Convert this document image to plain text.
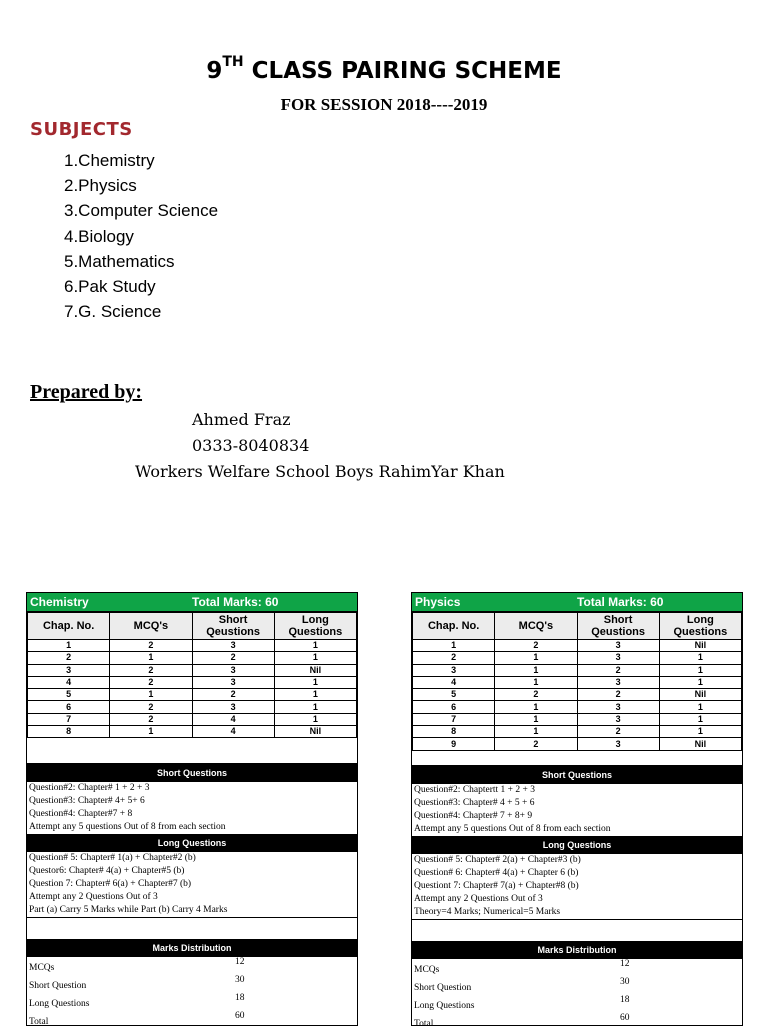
9TH CLASS PAIRING SCHEME
FOR SESSION 2018----2019
SUBJECTS
1.Chemistry
2.Physics
3.Computer Science
4.Biology
5.Mathematics
6.Pak Study
7.G. Science
Prepared by:
Ahmed Fraz
0333-8040834
Workers Welfare School Boys RahimYar Khan
Chemistry	Total Marks: 60
Chap. No.	MCQ's	Short Qeustions	Long Questions
1	2	3	1
2	1	2	1
3	2	3	Nil
4	2	3	1
5	1	2	1
6	2	3	1
7	2	4	1
8	1	4	Nil
Short Questions
Question#2: Chapter# 1 + 2 + 3
Question#3: Chapter# 4+ 5+ 6
Question#4: Chapter#7 + 8
Attempt any 5 questions Out of 8 from each section
Long Questions
Question# 5: Chapter# 1(a) + Chapter#2 (b)
Questor6: Chapter# 4(a) + Chapter#5 (b)
Question 7: Chapter# 6(a) + Chapter#7 (b)
Attempt any 2 Questions Out of 3
Part (a) Carry 5 Marks while Part (b) Carry 4 Marks
Marks Distribution
MCQs
12
Short Question
30
Long Questions
18
Total
60
Physics	Total Marks: 60
Chap. No.	MCQ's	Short Qeustions	Long Questions
1	2	3	Nil
2	1	3	1
3	1	2	1
4	1	3	1
5	2	2	Nil
6	1	3	1
7	1	3	1
8	1	2	1
9	2	3	Nil
Short Questions
Question#2: Chaptertt 1 + 2 + 3
Question#3: Chapter# 4 + 5 + 6
Question#4: Chapter# 7 + 8+ 9
Attempt any 5 questions Out of 8 from each section
Long Questions
Question# 5: Chapter# 2(a) + Chapter#3 (b)
Question# 6: Chapter# 4(a) + Chapter 6 (b)
Questiont 7: Chapter# 7(a) + Chapter#8 (b)
Attempt any 2 Questions Out of 3
Theory=4 Marks; Numerical=5 Marks
Marks Distribution
MCQs
12
Short Question
30
Long Questions
18
Total
60
